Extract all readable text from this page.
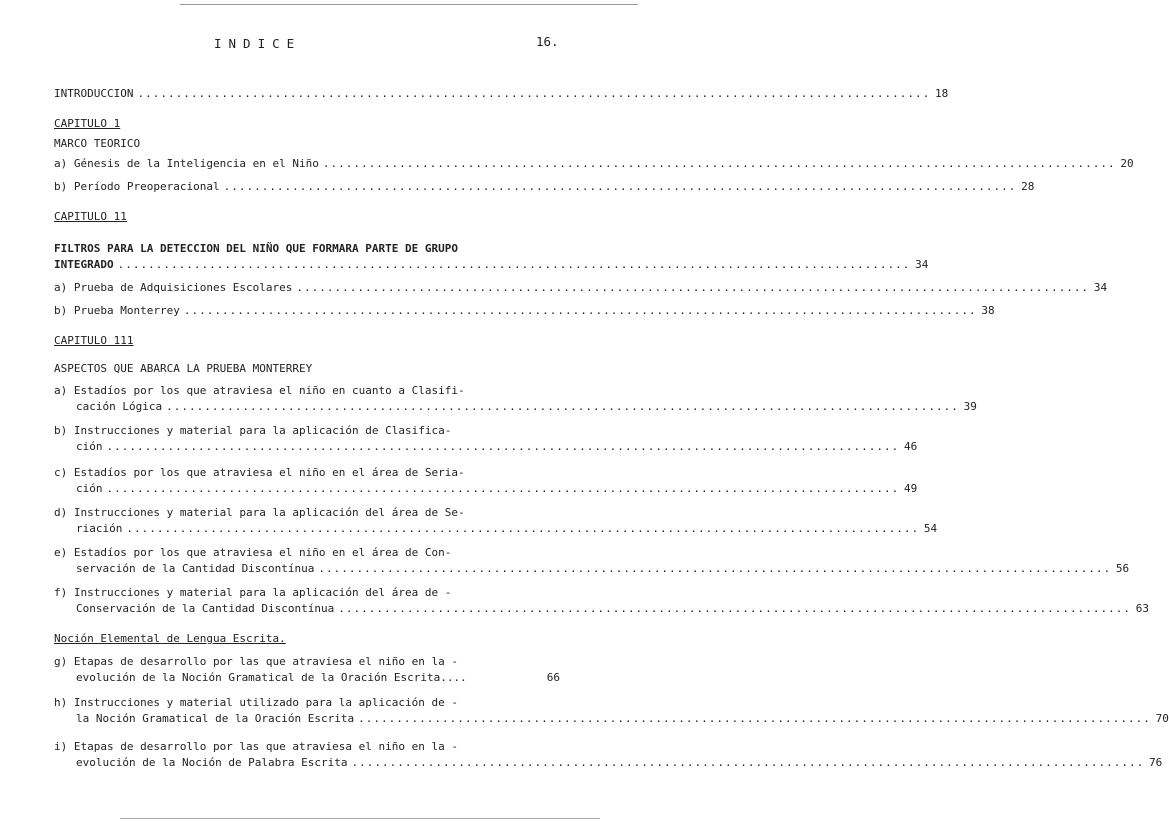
INDICE	16.
INTRODUCCION ........................................................................................................ 18
CAPITULO 1
MARCO TEORICO
a) Génesis de la Inteligencia en el Niño ........................................................................................................ 20
b) Período Preoperacional ........................................................................................................ 28
CAPITULO 11
FILTROS PARA LA DETECCION DEL NIÑO QUE FORMARA PARTE DE GRUPO
INTEGRADO ........................................................................................................ 34
a) Prueba de Adquisiciones Escolares ........................................................................................................ 34
b) Prueba Monterrey ........................................................................................................ 38
CAPITULO 111
ASPECTOS QUE ABARCA LA PRUEBA MONTERREY
a) Estadíos por los que atraviesa el niño en cuanto a Clasifi-
cación Lógica ........................................................................................................ 39
b) Instrucciones y material para la aplicación de Clasifica-
ción ........................................................................................................ 46
c) Estadíos por los que atraviesa el niño en el área de Seria-
ción ........................................................................................................ 49
d) Instrucciones y material para la aplicación del área de Se-
riación ........................................................................................................ 54
e) Estadíos por los que atraviesa el niño en el área de Con-
servación de la Cantidad Discontínua ........................................................................................................ 56
f) Instrucciones y material para la aplicación del área de -
Conservación de la Cantidad Discontínua ........................................................................................................ 63
Noción Elemental de Lengua Escrita.
g) Etapas de desarrollo por las que atraviesa el niño en la -
evolución de la Noción Gramatical de la Oración Escrita....	66
h) Instrucciones y material utilizado para la aplicación de -
la Noción Gramatical de la Oración Escrita ........................................................................................................ 70
i) Etapas de desarrollo por las que atraviesa el niño en la -
evolución de la Noción de Palabra Escrita ........................................................................................................ 76
